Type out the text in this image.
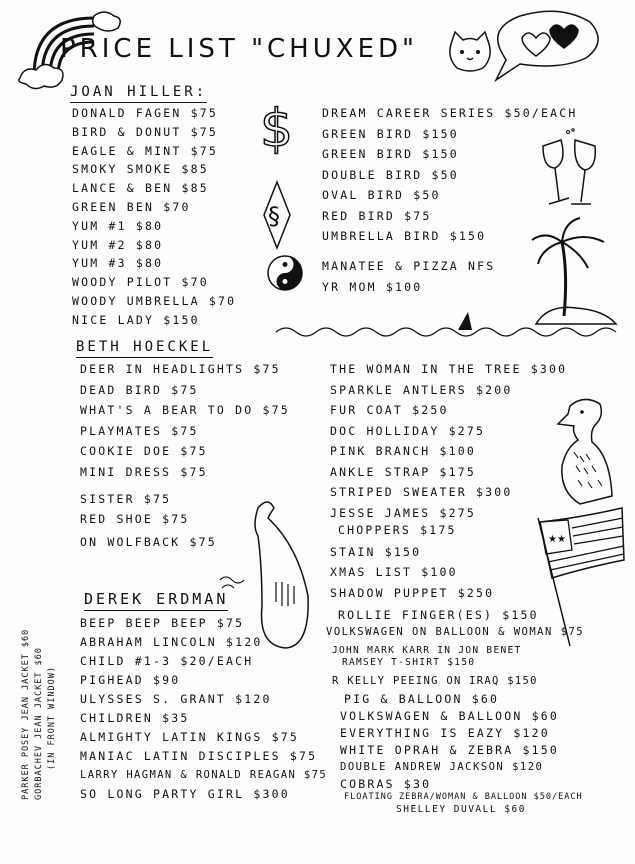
PRICE LIST "CHUXED"
JOAN HILLER:
DONALD FAGEN $75
BIRD & DONUT $75
EAGLE & MINT $75
SMOKY SMOKE $85
LANCE & BEN $85
GREEN BEN $70
YUM #1 $80
YUM #2 $80
YUM #3 $80
WOODY PILOT $70
WOODY UMBRELLA $70
NICE LADY $150
$
§
DREAM CAREER SERIES $50/EACH
GREEN BIRD $150
GREEN BIRD $150
DOUBLE BIRD $50
OVAL BIRD $50
RED BIRD $75
UMBRELLA BIRD $150
MANATEE & PIZZA NFS
YR MOM $100
BETH HOECKEL
DEER IN HEADLIGHTS $75
DEAD BIRD $75
WHAT'S A BEAR TO DO $75
PLAYMATES $75
COOKIE DOE $75
MINI DRESS $75
SISTER $75
RED SHOE $75
ON WOLFBACK $75
THE WOMAN IN THE TREE $300
SPARKLE ANTLERS $200
FUR COAT $250
DOC HOLLIDAY $275
PINK BRANCH $100
ANKLE STRAP $175
STRIPED SWEATER $300
JESSE JAMES $275
CHOPPERS $175
STAIN $150
XMAS LIST $100
SHADOW PUPPET $250
★★
DEREK ERDMAN
BEEP BEEP BEEP $75
ABRAHAM LINCOLN $120
CHILD #1-3 $20/EACH
PIGHEAD $90
ULYSSES S. GRANT $120
CHILDREN $35
ALMIGHTY LATIN KINGS $75
MANIAC LATIN DISCIPLES $75
LARRY HAGMAN & RONALD REAGAN $75
SO LONG PARTY GIRL $300
ROLLIE FINGER(ES) $150
VOLKSWAGEN ON BALLOON & WOMAN $75
JOHN MARK KARR IN JON BENET
RAMSEY T-SHIRT $150
R KELLY PEEING ON IRAQ $150
PIG & BALLOON $60
VOLKSWAGEN & BALLOON $60
EVERYTHING IS EAZY $120
WHITE OPRAH & ZEBRA $150
DOUBLE ANDREW JACKSON $120
COBRAS $30
FLOATING ZEBRA/WOMAN & BALLOON $50/EACH
SHELLEY DUVALL $60
PARKER POSEY JEAN JACKET $60 GORBACHEV JEAN JACKET $60 (IN FRONT WINDOW)
